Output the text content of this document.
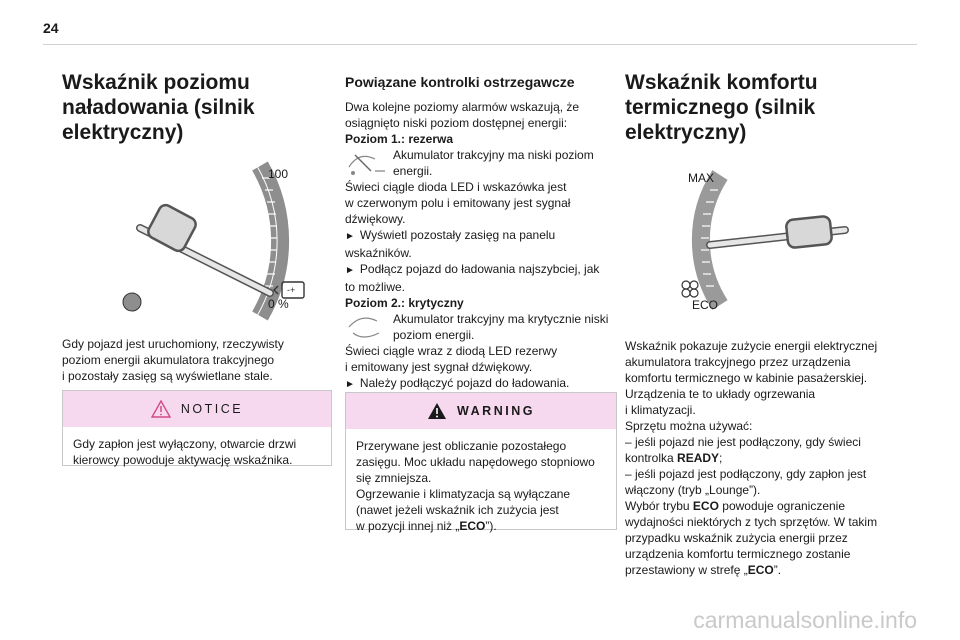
24
Wskaźnik poziomu
naładowania (silnik
elektryczny)
-+
100
0 %

Gdy pojazd jest uruchomiony, rzeczywisty

poziom energii akumulatora trakcyjnego

i pozostały zasięg są wyświetlane stale.

NOTICE
Gdy zapłon jest wyłączony, otwarcie drzwi
kierowcy powoduje aktywację wskaźnika.
Powiązane kontrolki ostrzegawcze

Dwa kolejne poziomy alarmów wskazują, że

osiągnięto niski poziom dostępnej energii:

Poziom 1.: rezerwa

Akumulator trakcyjny ma niski poziom
energii.

Świeci ciągle dioda LED i wskazówka jest

w czerwonym polu i emitowany jest sygnał

dźwiękowy.

► Wyświetl pozostały zasięg na panelu

wskaźników.

► Podłącz pojazd do ładowania najszybciej, jak

to możliwe.

Poziom 2.: krytyczny

Akumulator trakcyjny ma krytycznie niski
poziom energii.

Świeci ciągle wraz z diodą LED rezerwy

i emitowany jest sygnał dźwiękowy.

► Należy podłączyć pojazd do ładowania.

WARNING
Przerywane jest obliczanie pozostałego
zasięgu. Moc układu napędowego stopniowo
się zmniejsza.
Ogrzewanie i klimatyzacja są wyłączane
(nawet jeżeli wskaźnik ich zużycia jest
w pozycji innej niż „ECO”).
Wskaźnik komfortu
termicznego (silnik
elektryczny)
MAX
ECO

Wskaźnik pokazuje zużycie energii elektrycznej

akumulatora trakcyjnego przez urządzenia

komfortu termicznego w kabinie pasażerskiej.

Urządzenia te to układy ogrzewania

i klimatyzacji.

Sprzętu można używać:

– jeśli pojazd nie jest podłączony, gdy świeci

kontrolka READY;

– jeśli pojazd jest podłączony, gdy zapłon jest

włączony (tryb „Lounge”).

Wybór trybu ECO powoduje ograniczenie

wydajności niektórych z tych sprzętów. W takim

przypadku wskaźnik zużycia energii przez

urządzenia komfortu termicznego zostanie

przestawiony w strefę „ECO”.

carmanualsonline.info
